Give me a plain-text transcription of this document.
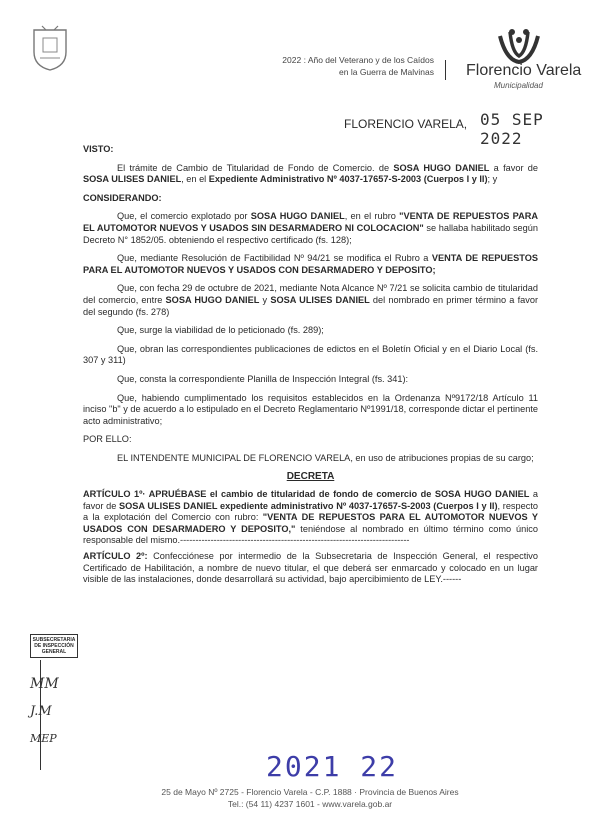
2022 : Año del Veterano y de los Caídos
en la Guerra de Malvinas Florencio Varela
Municipalidad
FLORENCIO VARELA, 05 SEP 2022

VISTO:

El trámite de Cambio de Titularidad de Fondo de Comercio. de SOSA HUGO DANIEL a favor de SOSA ULISES DANIEL, en el Expediente Administrativo Nº 4037-17657-S-2003 (Cuerpos I y II); y

CONSIDERANDO:

Que, el comercio explotado por SOSA HUGO DANIEL, en el rubro "VENTA DE REPUESTOS PARA EL AUTOMOTOR NUEVOS Y USADOS SIN DESARMADERO NI COLOCACION" se hallaba habilitado según Decreto N° 1852/05. obteniendo el respectivo certificado (fs. 128);

Que, mediante Resolución de Factibilidad Nº 94/21 se modifica el Rubro a VENTA DE REPUESTOS PARA EL AUTOMOTOR NUEVOS Y USADOS CON DESARMADERO Y DEPOSITO;

Que, con fecha 29 de octubre de 2021, mediante Nota Alcance Nº 7/21 se solicita cambio de titularidad del comercio, entre SOSA HUGO DANIEL y SOSA ULISES DANIEL del nombrado en primer término a favor del segundo (fs. 278)

Que, surge la viabilidad de lo peticionado (fs. 289);

Que, obran las correspondientes publicaciones de edictos en el Boletín Oficial y en el Diario Local (fs. 307 y 311)

Que, consta la correspondiente Planilla de Inspección Integral (fs. 341):

Que, habiendo cumplimentado los requisitos establecidos en la Ordenanza Nº9172/18 Artículo 11 inciso "b" y de acuerdo a lo estipulado en el Decreto Reglamentario Nº1991/18, corresponde dictar el pertinente acto administrativo;

POR ELLO:

EL INTENDENTE MUNICIPAL DE FLORENCIO VARELA, en uso de atribuciones propias de su cargo;

DECRETA

ARTÍCULO 1º· APRUÉBASE el cambio de titularidad de fondo de comercio de SOSA HUGO DANIEL a favor de SOSA ULISES DANIEL expediente administrativo Nº 4037-17657-S-2003 (Cuerpos I y II), respecto a la explotación del Comercio con rubro: "VENTA DE REPUESTOS PARA EL AUTOMOTOR NUEVOS Y USADOS CON DESARMADERO Y DEPOSITO," teniéndose al nombrado en último término como único responsable del mismo.---------------------------------------------------------------------------

ARTÍCULO 2º: Confecciónese por intermedio de la Subsecretaria de Inspección General, el respectivo Certificado de Habilitación, a nombre de nuevo titular, el que deberá ser enmarcado y colocado en un lugar visible de las instalaciones, donde desarrollará su actividad, bajo apercibimiento de LEY.------

SUBSECRETARIA
DE INSPECCIÓN
GENERAL
MM
J.M
MEP
2021 22
25 de Mayo Nº 2725 - Florencio Varela - C.P. 1888 · Provincia de Buenos Aires
Tel.: (54 11) 4237 1601 - www.varela.gob.ar
